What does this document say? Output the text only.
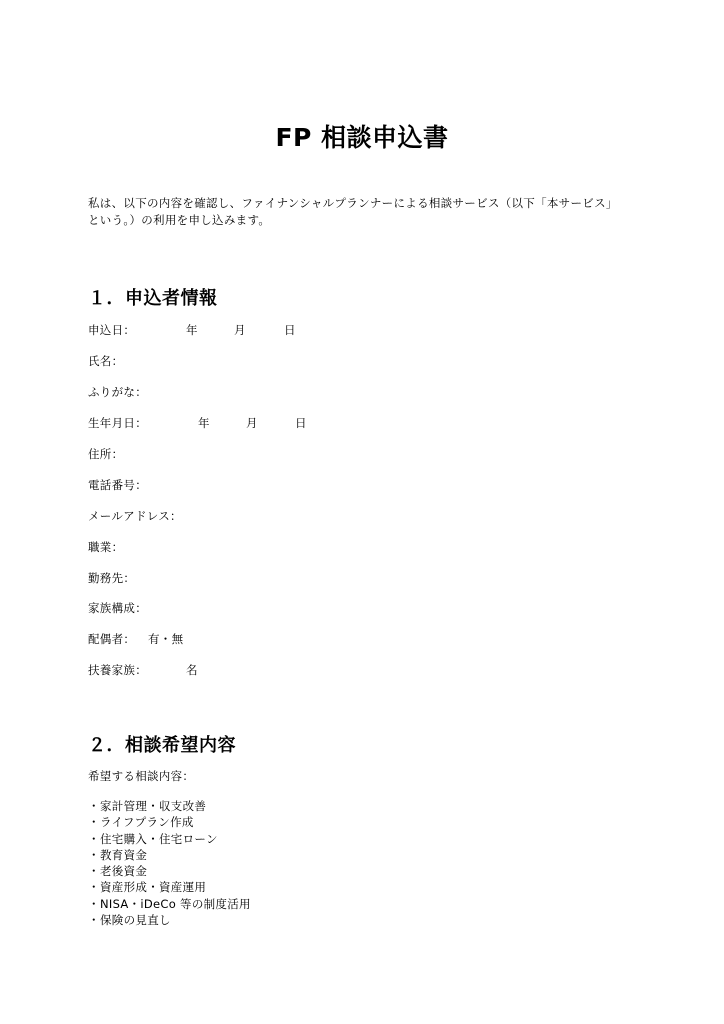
FP 相談申込書
私は、以下の内容を確認し、ファイナンシャルプランナーによる相談サービス（以下「本サービス」
という。）の利用を申し込みます。
１．申込者情報
申込日：	年	月	日
氏名：
ふりがな：
生年月日：	年	月	日
住所：
電話番号：
メールアドレス：
職業：
勤務先：
家族構成：
配偶者： 有・無
扶養家族：	名
２．相談希望内容
希望する相談内容：
・家計管理・収支改善
・ライフプラン作成
・住宅購入・住宅ローン
・教育資金
・老後資金
・資産形成・資産運用
・NISA・iDeCo 等の制度活用
・保険の見直し
